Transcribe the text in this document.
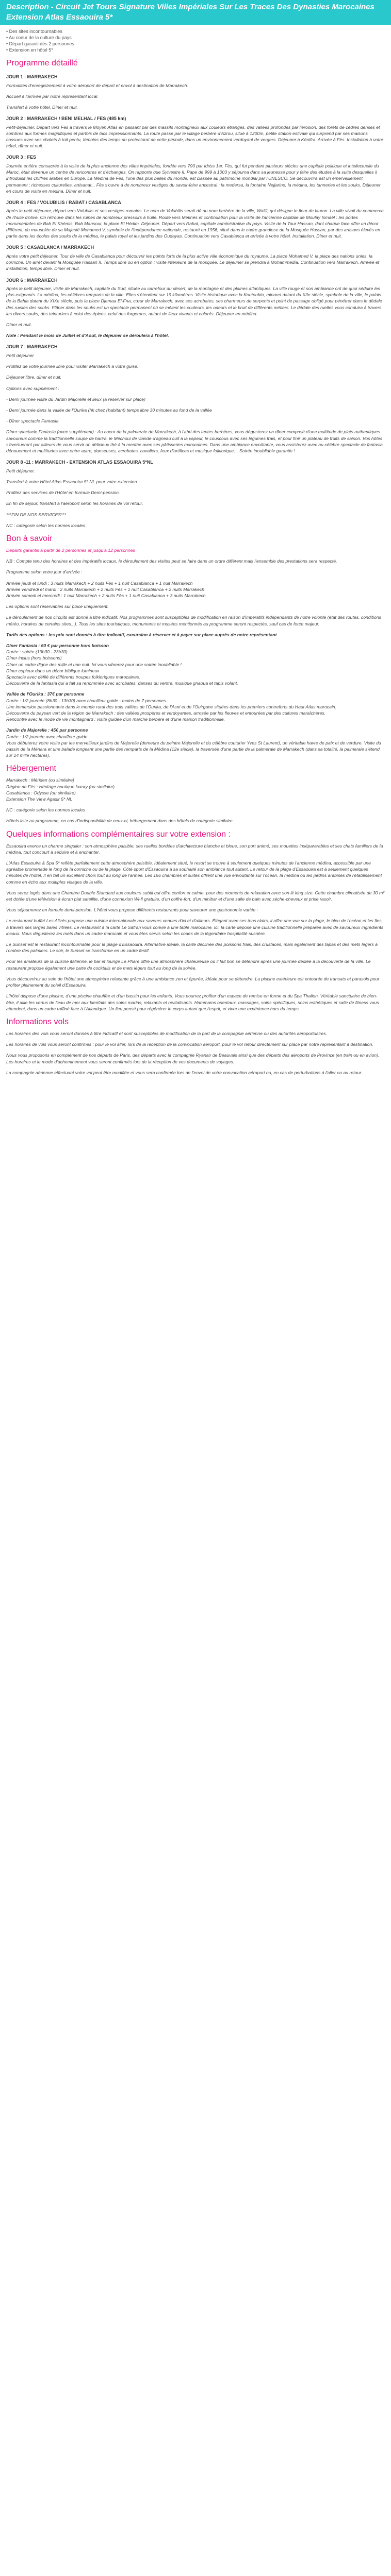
Description - Circuit Jet Tours Signature Villes Impériales Sur Les Traces Des Dynasties Marocaines Extension Atlas Essaouira 5*
• Des sites incontournables
• Au coeur de la culture du pays
• Départ garanti dès 2 personnes
• Extension en hôtel 5*
Programme détaillé
JOUR 1 : MARRAKECH

Formalités d'enregistrement à votre aéroport de départ et envol à destination de Marrakech.

Accueil à l'arrivée par notre représentant local.

Transfert à votre hôtel. Dîner et nuit.

JOUR 2 : MARRAKECH / BENI MELHAL / FES (485 km)

Petit-déjeuner. Départ vers Fès à travers le Moyen Atlas en passant par des massifs montagneux aux couleurs étranges, des vallées profondes par l'érosion, des forêts de cèdres denses et sombres aux formes magnifiques et parfois de lacs impressionnants. La route passe par le village berbère d'Azrou, situé à 1200m, petite station estivale qui surprend par ses maisons cossues avec ses chalets à toit pentu, témoins des temps du protectorat de cette période, dans un environnement verdoyant de vergers. Déjeuner à Kénifra. Arrivée à Fès. Installation à votre hôtel, dîner et nuit.

JOUR 3 : FES

Journée entière consacrée à la visite de la plus ancienne des villes impériales, fondée vers 790 par Idriss 1er. Fès, qui fut pendant plusieurs siècles une capitale politique et intellectuelle du Maroc, était devenue un centre de rencontres et d'échanges. On rapporte que Sylvestre II, Pape de 999 à 1003 y séjourna dans sa jeunesse pour y faire des études à la suite desquelles il introduisit les chiffres arabes en Europe. La Médina de Fès, l'une des plus belles du monde, est classée au patrimoine mondial par l'UNESCO. Se découvrira est un émerveillement permanent ; richesses culturelles, artisanat... Fès s'ouvre à de nombreux vestiges du savoir-faire ancestral : la medersa, la fontaine Nejjarine, la médina, les tanneries et les souks. Déjeuner en cours de visite en médina. Dîner et nuit.

JOUR 4 : FES / VOLUBILIS / RABAT / CASABLANCA

Après le petit déjeuner, départ vers Volubilis et ses vestiges romains. Le nom de Volubilis serait dû au nom berbère de la ville, Walili, qui désigne le fleur de lauron. La ville vivait du commerce de l'huile d'olive. On retrouve dans les ruines de nombreux pressoirs à huile. Route vers Meknès et continuation pour la visite de l'ancienne capitale de Moulay Ismaël : les portes monumentales de Bab El Khémis, Bab Mansour, la place El Hédim. Déjeuner. Départ vers Rabat, capitale administrative du pays. Visite de la Tour Hassan, dont chaque face offre un décor différent, du mausolée de sa Majesté Mohamed V, symbole de l'indépendance nationale, restauré en 1956, situé dans le cadre grandiose de la Mosquée Hassan, par des artisans élevés en partie dans les écoles des souks de la médina, le palais royal et les jardins des Oudayas. Continuation vers Casablanca et arrivée à votre hôtel. Installation. Dîner et nuit.

JOUR 5 : CASABLANCA / MARRAKECH

Après votre petit déjeuner. Tour de ville de Casablanca pour découvrir les points forts de la plus active ville économique du royaume. La place Mohamed V, la place des nations unies, la corniche. Un arrêt devant la Mosquée Hassan II. Temps libre ou en option : visite intérieure de la mosquée. Le déjeuner se prendra à Mohammedia. Continuation vers Marrakech. Arrivée et installation, temps libre. Dîner et nuit.

JOUR 6 : MARRAKECH

Après le petit déjeuner, visite de Marrakech, capitale du Sud, située au carrefour du désert, de la montagne et des plaines atlantiques. La ville rouge et son ambiance ont de quoi séduire les plus exigeants. La médina, les célèbres remparts de la ville. Elles s'étendent sur 19 kilomètres. Visite historique avec la Koutoubia, minaret datant du XIIe siècle, symbole de la ville, le palais de la Bahia datant du XIXe siècle, puis la place Djemaa El-Fna, cœur de Marrakech, avec ses acrobates, ses charmeurs de serpents et point de passage obligé pour pénétrer dans le dédale des ruelles des souks. Flâner dans les souks est un spectacle permanent où se mêlent les couleurs, les odeurs et le bruit de différents métiers. Le dédale des ruelles vous conduira à travers les divers souks, des teinturiers à celui des épices, celui des forgerons, autant de lieux vivants et colorés. Déjeuner en médina.

Dîner et nuit.

Note : Pendant le mois de Juillet et d'Aout, le déjeuner se déroulera à l'hôtel.

JOUR 7 : MARRAKECH

Petit déjeuner

Profitez de votre journée libre pour visiter Marrakech à votre guise.

Déjeuner libre, dîner et nuit.

Options avec supplément :

- Demi journée visite du Jardin Majorelle et lieux (à réserver sur place)

- Demi journée dans la vallée de l'Ourika (hk chez l'habitant) temps libre 30 minutes au fond de la vallée

- Dîner spectacle Fantasia

Dîner spectacle Fantasia (avec supplément) : Au coeur de la palmeraie de Marrakech, à l'abri des tentes berbères, vous dégusterez un dîner composé d'une multitude de plats authentiques savoureux comme la traditionnelle soupe de harira, le Méchoui de viande d'agneau cuit à la vapeur, le couscous avec ses légumes frais, et pour finir un plateau de fruits de saison. Vos hôtes s'évertueront par ailleurs de vous servir un délicieux thé à la menthe avec ses pâtisseries marocaines. Dans une ambiance envoûtante, vous assisterez avec au célèbre spectacle de fantasia dénouement et multitudes avec entre autre, danseuses, acrobates, cavaliers, feux d'artifices et musique folklorique… Soirée inoubliable garantie !

JOUR 8 -11 : MARRAKECH - EXTENSION ATLAS ESSAOUIRA 5*NL

Petit déjeuner.

Transfert à votre Hôtel Atlas Essaouira 5* NL pour votre extension.

Profitez des services de l'Hôtel en formule Demi-pension.

En fin de séjour, transfert à l'aéroport selon les horaires de vol retour.

***FIN DE NOS SERVICES***

NC : catégorie selon les normes locales

Bon à savoir

Départs garantis à partir de 2 personnes et jusqu'à 12 personnes

NB : Compte tenu des horaires et des impératifs locaux, le déroulement des visites peut se faire dans un ordre différent mais l'ensemble des prestations sera respecté.

Programme selon votre jour d'arrivée :

Arrivée jeudi et lundi : 3 nuits Marrakech + 2 nuits Fès + 1 nuit Casablanca + 1 nuit Marrakech

Arrivée vendredi et mardi : 2 nuits Marrakech + 2 nuits Fès + 1 nuit Casablanca + 2 nuits Marrakech

Arrivée samedi et mercredi : 1 nuit Marrakech + 2 nuits Fès + 1 nuit Casablanca + 3 nuits Marrakech

Les options sont réservables sur place uniquement.

Le déroulement de nos circuits est donné à titre indicatif. Nos programmes sont susceptibles de modification en raison d'impératifs indépendants de notre volonté (état des routes, conditions météo, horaires de certains sites...). Tous les sites touristiques, monuments et musées mentionnés au programme seront respectés, sauf cas de force majeur.

Tarifs des options : les prix sont donnés à titre indicatif, excursion à réserver et à payer sur place auprès de notre représentant

Dîner Fantasia : 60 € par personne hors boisson

Durée : soirée (19h30 - 23h30)

Dîner inclus (hors boissons)

Dîner un cadre digne des mille et une nuit. Ici vous vibrerez pour une soirée inoubliable !

Dîner copieux dans un décor biblique lumineux

Spectacle avec défilé de différents troupes folkloriques marocaines.

Découverte de la fantasia qui a fait sa renommée avec acrobates, danses du ventre, musique gnaoua et tapis volant.

Vallée de l'Ourika : 37€ par personne

Durée : 1/2 journée (8h30 - 13h30) avec chauffeur guide - moins de 7 personnes.

Une immersion passionnante dans le monde rural des trois vallées de l'Ourika, de l'Asni et de l'Ouirgane situées dans les premiers contreforts du Haut Atlas marocain.

Découverte du paysan vert de la région de Marrakech : des vallées prospères et verdoyantes, arrosée par les fleuves et entourées par des cultures maraîchères.

Rencontre avec le mode de vie montagnard : visite guidée d'un marché berbère et d'une maison traditionnelle.

Jardin de Majorelle : 45€ par personne

Durée : 1/2 journée avec chauffeur guide

Vous débuterez votre visite par les merveilleux jardins de Majorelle (demeure du peintre Majorelle et du célèbre couturier Yves St Laurent), un véritable havre de paix et de verdure. Visite du bassin de la Ménara et une balade longeant une partie des remparts de la Médina (12e siècle), la traversée d'une partie de la palmeraie de Marrakech (dans sa totalité, la palmeraie s'étend sur 14 mille hectares).

Hébergement

Marrakech : Mériden (ou similaire)

Région de Fès : Héritage boutique luxury (ou similaire)

Casablanca : Odysse (ou similaire)

Extension The View Agadir 5* NL

NC : catégorie selon les normes locales

Hôtels liste au programme, en cas d'indisponibilité de ceux-ci, hébergement dans des hôtels de catégorie similaire.

Quelques informations complémentaires sur votre extension :

Essaouira exerce un charme singulier : son atmosphère paisible, ses ruelles bordées d'architecture blanche et bleue, son port animé, ses mouettes insépararables et ses chats familiers de la médina, tout concourt à séduire et à enchanter.

L'Atlas Essaouira & Spa 5* reflète parfaitement cette atmosphère paisible. Idéalement situé, le resort se trouve à seulement quelques minutes de l'ancienne médina, accessible par une agréable promenade le long de la corniche ou de la plage. Côté sport d'Essaouira à sa souhaité son ambiance tout autant. Le retour de la plage d'Essaouira est à seulement quelques minutes de l'hôtel, Il en fait un excellent choix tout au long de l'année. Les 156 chambres et suites offrent une vue envoûtante sur l'océan, la médina ou les jardins arabisés de l'établissement comme en écho aux multiples visages de la ville.

Vous serez logés dans une Chambre Double Standard aux couleurs subtil qui offre confort et calme, pour des moments de relaxation avec son lit king size. Cette chambre climatisée de 30 m² est dotée d'une télévision à écran plat satellite, d'une connexion Wi-fi gratuite, d'un coffre-fort, d'un minibar et d'une salle de bain avec sèche-cheveux et prise rasoir.

Vous séjournerez en formule demi-pension. L'hôtel vous propose différents restaurants pour savourer une gastronomie variée :

Le restaurant buffet Les Alizés propose une cuisine internationale aux saveurs venues d'ici et d'ailleurs. Élégant avec ses tons clairs, il offre une vue sur la plage, le bleu de l'océan et les îles, à travers ses larges baies vitrées. Le restaurant à la carte Le Safran vous convie à une table marocaine. Ici, la carte dépose une cuisine traditionnelle préparée avec de savoureux ingrédients locaux. Vous dégusterez les mets dans un cadre marocain et vous êtes servis selon les codes de la légendaire hospitalité sucrière.

Le Sunset est le restaurant incontournable pour la plage d'Essaouira. Alternative idéale, la carte déclinée des poissons frais, des crustacés, mais également des tapas et des mets légers à l'ombre des palmiers. Le soir, le Sunset se transforme en un cadre festif.

Pour les amateurs de la cuisine italienne, le bar et lounge Le Phare offre une atmosphère chaleureuse où il fait bon se détendre après une journée dédiée à la découverte de la ville. Le restaurant propose également une carte de cocktails et de mets légers tout au long de la soirée.

Vous découvrirez au sein de l'hôtel une atmosphère relaxante grâce à une ambiance zen et épurée, idéale pour se détendre. La piscine extérieure est entourée de transats et parasols pour profiter pleinement du soleil d'Essaouira.

L'hôtel dispose d'une piscine, d'une piscine chauffée et d'un bassin pour les enfants. Vous pourrez profiter d'un espace de remise en forme et du Spa Thalion. Véritable sanctuaire de bien-être, il allie les vertus de l'eau de mer aux bienfaits des soins marins, relaxants et revitalisants. Hammams orientaux, massages, soins spécifiques, soins esthétiques et salle de fitness vous attendent, dans un cadre raffiné face à l'Atlantique. Un lieu pensé pour régénérer le corps autant que l'esprit, et vivre une expérience hors du temps.

Informations vols

Les horaires des vols vous seront donnés à titre indicatif et sont susceptibles de modification de la part de la compagnie aérienne ou des autorités aéroportuaires.

Les horaires de vols vous seront confirmés : pour le vol aller, lors de la réception de la convocation aéroport, pour le vol retour directement sur place par notre représentant à destination.

Nous vous proposons en complément de nos départs de Paris, des départs avec la compagnie Ryanair de Beauvais ainsi que des départs des aéroports de Province (en train ou en avion). Les horaires et le mode d'acheminement vous seront confirmés lors de la réception de vos documents de voyages.

La compagnie aérienne effectuant votre vol peut être modifiée et vous sera confirmée lors de l'envoi de votre convocation aéroport ou, en cas de perturbations à l'aller ou au retour.
